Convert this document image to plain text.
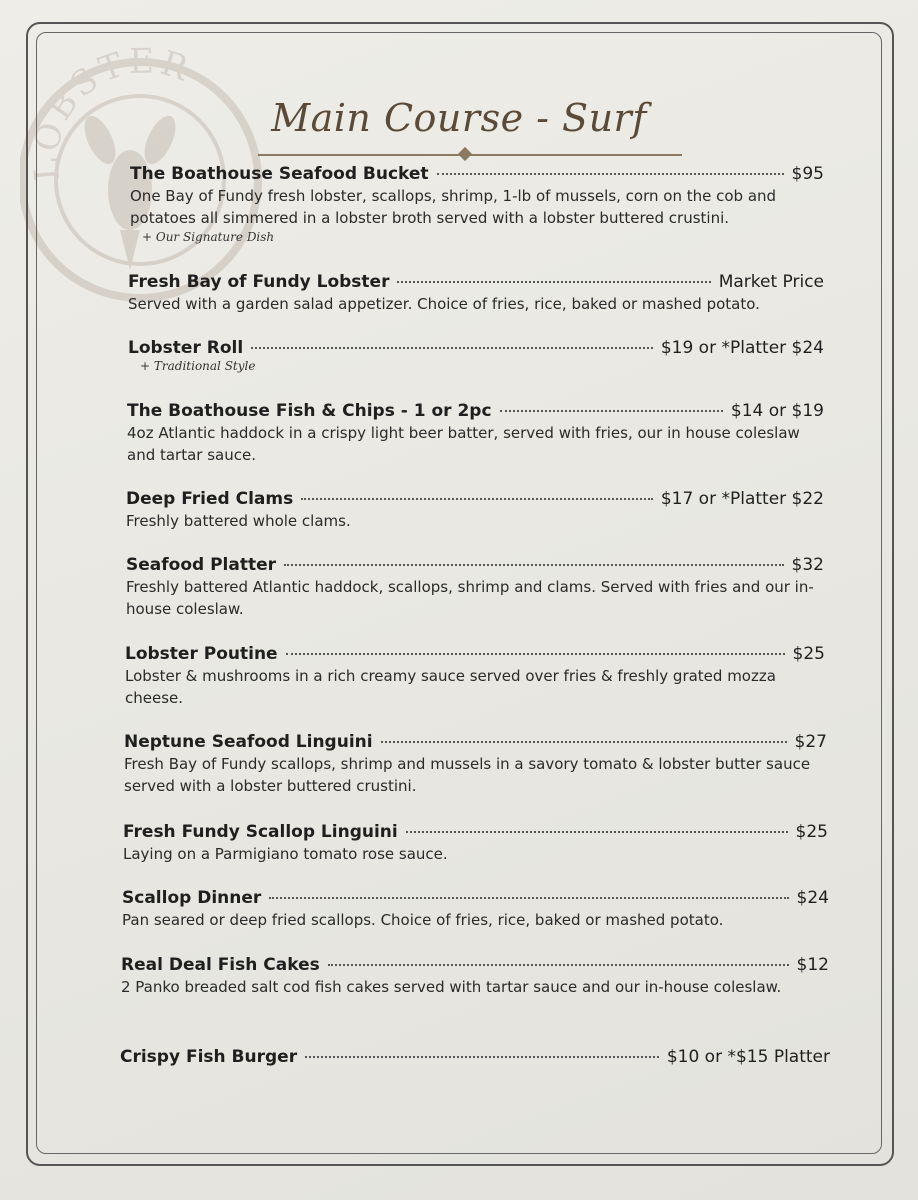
LOBSTER
Main Course - Surf
The Boathouse Seafood Bucket	$95
One Bay of Fundy fresh lobster, scallops, shrimp, 1-lb of mussels, corn on the cob and potatoes all simmered in a lobster broth served with a lobster buttered crustini.
+ Our Signature Dish
Fresh Bay of Fundy Lobster	Market Price
Served with a garden salad appetizer. Choice of fries, rice, baked or mashed potato.
Lobster Roll	$19 or *Platter $24
+ Traditional Style
The Boathouse Fish & Chips - 1 or 2pc	$14 or $19
4oz Atlantic haddock in a crispy light beer batter, served with fries, our in house coleslaw and tartar sauce.
Deep Fried Clams	$17 or *Platter $22
Freshly battered whole clams.
Seafood Platter	$32
Freshly battered Atlantic haddock, scallops, shrimp and clams. Served with fries and our in-house coleslaw.
Lobster Poutine	$25
Lobster & mushrooms in a rich creamy sauce served over fries & freshly grated mozza cheese.
Neptune Seafood Linguini	$27
Fresh Bay of Fundy scallops, shrimp and mussels in a savory tomato & lobster butter sauce served with a lobster buttered crustini.
Fresh Fundy Scallop Linguini	$25
Laying on a Parmigiano tomato rose sauce.
Scallop Dinner	$24
Pan seared or deep fried scallops. Choice of fries, rice, baked or mashed potato.
Real Deal Fish Cakes	$12
2 Panko breaded salt cod fish cakes served with tartar sauce and our in-house coleslaw.
Crispy Fish Burger	$10 or *$15 Platter
